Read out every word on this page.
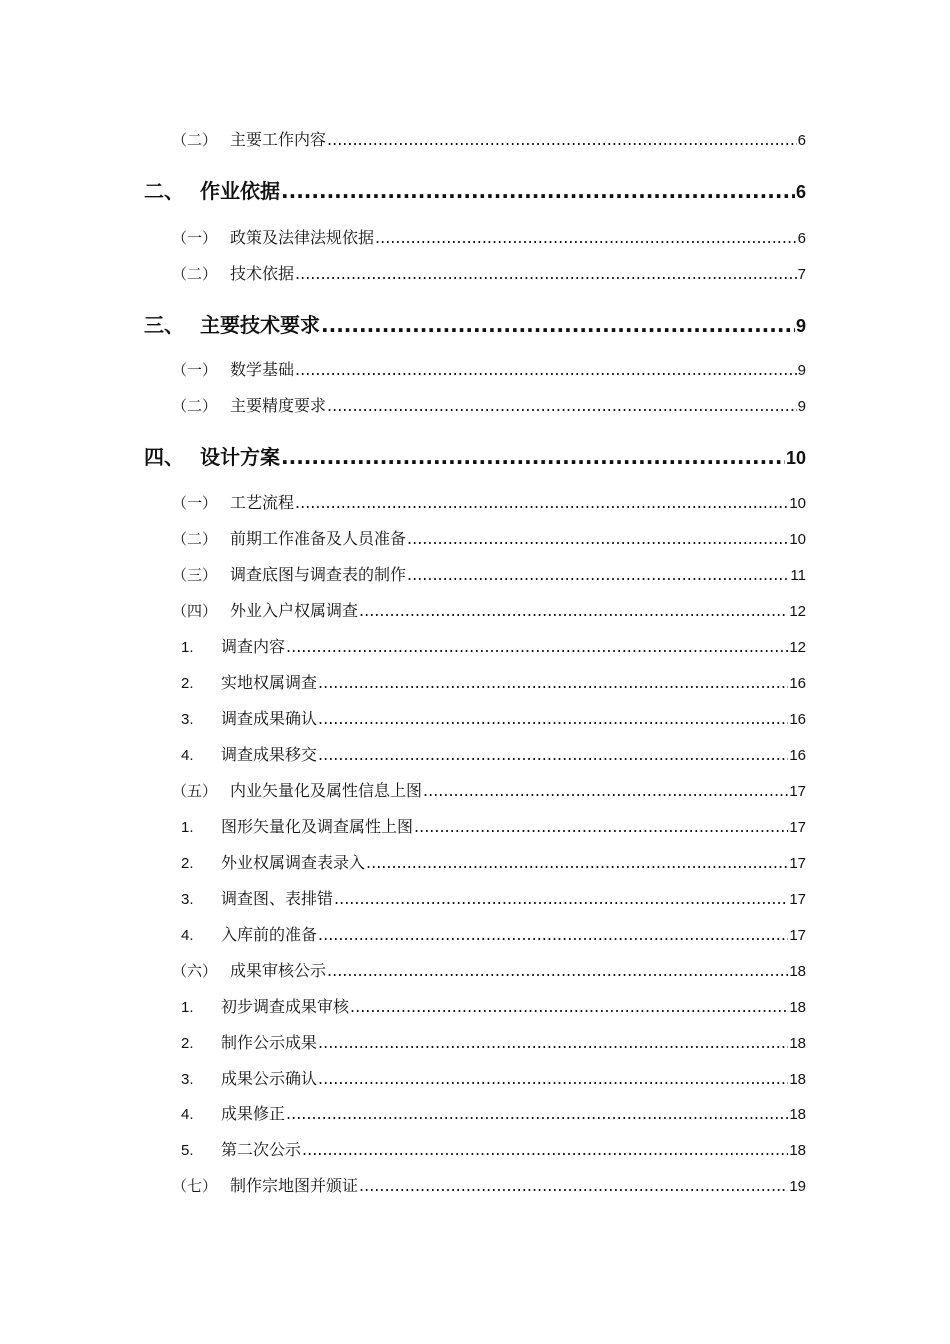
（二） 主要工作内容 .....	6
二、 作业依据 .....	6
（一） 政策及法律法规依据 .....	6
（二） 技术依据 .....	7
三、 主要技术要求 .....	9
（一） 数学基础 .....	9
（二） 主要精度要求 .....	9
四、 设计方案 .....	10
（一） 工艺流程 .....	10
（二） 前期工作准备及人员准备 .....	10
（三） 调查底图与调查表的制作 .....	11
（四） 外业入户权属调查 .....	12
1.	调查内容 .....	12
2.	实地权属调查 .....	16
3.	调查成果确认 .....	16
4.	调查成果移交 .....	16
（五） 内业矢量化及属性信息上图 .....	17
1.	图形矢量化及调查属性上图 .....	17
2.	外业权属调查表录入 .....	17
3.	调查图、表排错 .....	17
4.	入库前的准备 .....	17
（六） 成果审核公示 .....	18
1.	初步调查成果审核 .....	18
2.	制作公示成果 .....	18
3.	成果公示确认 .....	18
4.	成果修正 .....	18
5.	第二次公示 .....	18
（七） 制作宗地图并颁证 .....	19
